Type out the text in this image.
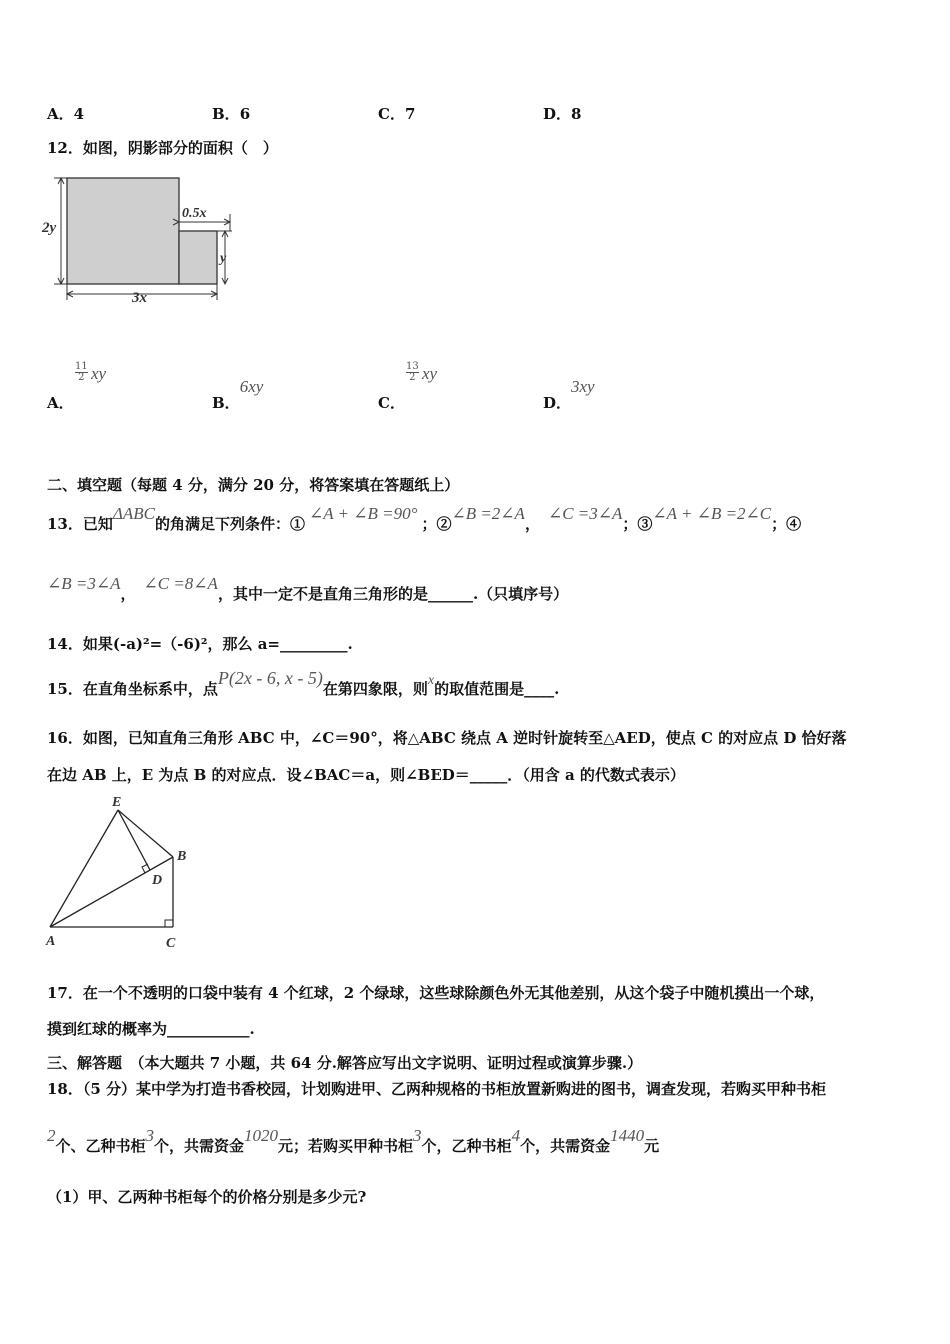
A．4	B．6	C．7	D．8
12．如图，阴影部分的面积（　）
2y
0.5x
y
3x
A．
$\frac{11}{2}$ xy
B．6xy
C．
$\frac{13}{2}$ xy
D．3xy
二、填空题（每题 4 分，满分 20 分，将答案填在答题纸上）
13．已知ΔABC的角满足下列条件：①∠A + ∠B =90°；②∠B =2∠A，∠C =3∠A；③∠A + ∠B =2∠C；④
∠B =3∠A，∠C =8∠A，其中一定不是直角三角形的是______.（只填序号）
14．如果(-a)²=（-6)²，那么 a=_________.
15．在直角坐标系中，点P(2x - 6, x - 5)在第四象限，则x的取值范围是____.
16．如图，已知直角三角形 ABC 中，∠C＝90°，将△ABC 绕点 A 逆时针旋转至△AED，使点 C 的对应点 D 恰好落
在边 AB 上，E 为点 B 的对应点．设∠BAC＝a，则∠BED＝_____．（用含 a 的代数式表示）
E
B
D
A	C
17．在一个不透明的口袋中装有 4 个红球，2 个绿球，这些球除颜色外无其他差别，从这个袋子中随机摸出一个球，
摸到红球的概率为___________.
三、解答题　（本大题共 7 小题，共 64 分.解答应写出文字说明、证明过程或演算步骤.）
18．（5 分）某中学为打造书香校园，计划购进甲、乙两种规格的书柜放置新购进的图书，调查发现，若购买甲种书柜
2个、乙种书柜3个，共需资金1020元；若购买甲种书柜3个，乙种书柜4个，共需资金1440元
（1）甲、乙两种书柜每个的价格分别是多少元?
